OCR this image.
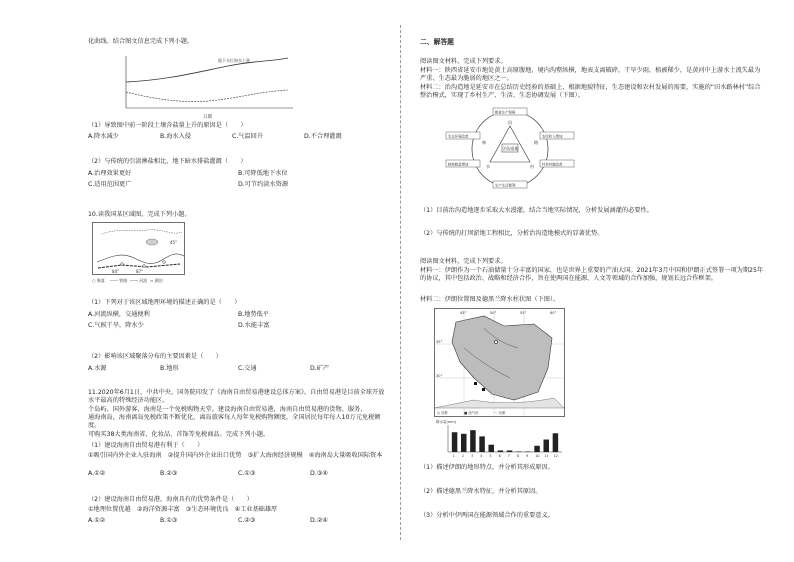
化曲线。结合图文信息完成下列小题。
地下水位海水上涨
日期
（1）导致图中前一阶段土壤含盐量上升的原因是（　　）
A.降水减少	B.海水入侵	C.气温回升	D.不合理灌溉
（2）与传统的引淡淋盐相比，地下暗水排盐灌溉（　　）
A.治理效果更好	B.可降低地下水位
C.适用范围更广	D.可节约淡水资源
10.读我国某区域图，完成下列小题。
45°
84°	87°
○ 聚落 —— 铁路 —— 河流 ≈ 湖泊
（1）下列对于该区域地理环境的描述正确的是（　　）
A.河流纵横，交通便利	B.地势低平
C.气候干旱，降水少	D.水能丰富
（2）影响该区域聚落分布的主要因素是（　　）
A.水源	B.地形	C.交通	D.矿产
11.2020年6月1日，中共中央、国务院印发了《海南自由贸易港建设总体方案》。自由贸易港是目前全球开放水平最高的特殊经济功能区。
个岛屿、国外游客，海南是一个免税购物天堂。建设海南自由贸易港，海南自由贸易港的货物、服务、
通海南岛，海南离岛免税政策不断优化，离岛旅客每人每年免税购物额度，全国居民每年每人10万元免税额度。
可购买38大类海南省、化妆品、首饰等免税商品。完成下列小题。
（1）建设海南自由贸易港有利于（　　）
①吸引国内外企业入驻海南　②提升国内外企业出口优势　③扩大海南经济规模　④海南岛大量吸收国际资本
A.①②	B.②③	C.①③	D.③④
（2）建设海南自由贸易港，海南具有的优势条件是（　　）
①地理位置优越　②海洋资源丰富　③生态环境优良　④工业基础雄厚
A.①②	B.①③	C.②③	D.②④
二、解答题
阅读图文材料，完成下列要求。
材料一：陕西省延安市地处黄土高原腹地，境内沟壑纵横，地表支离破碎，干旱少雨，植被稀少，是黄河中上游水土流失最为严重、生态最为脆弱的地区之一。
材料二：治沟造地是延安市在总结历史经验的基础上，根据地貌特征，生态建设和农村发展的需要，实施的“田水路林村”综合整治模式，实现了乡村生产、生活、生态协调发展（下图）。
治沟造地
田
林	路
水	村
粮食生产保障
生态环境改善	农民收入增加
耕地数量增加	村容村貌改善
生产生活便利
（1）目前治沟造地逐步采取大水漫灌，结合当地实际情况，分析发展滴灌的必要性。
（2）与传统的打坝淤地工程相比，分析治沟造地模式的显著优势。
阅读图文材料，完成下列要求。
材料一：伊朗作为一个石油储量十分丰富的国家，也是世界上重要的产油大国。2021年3月中国和伊朗正式签署一项为期25年的协议，其中包括政治、战略和经济合作，旨在使两国在能源、人文等领域的合作加强，规划长远合作框架。
材料二：伊朗位置图及德黑兰降水柱状图（下图）。
45°	50°	55°	60°
35°
30°
◎ 首都	■ 油气田	～ 河流
降水量(mm)
1 2 3 4 5 6 7 8 9 10 11 12
（1）描述伊朗的地形特点，并分析其形成原因。
（2）描述德黑兰降水特征，并分析其原因。
（3）分析中伊两国在能源领域合作的重要意义。
